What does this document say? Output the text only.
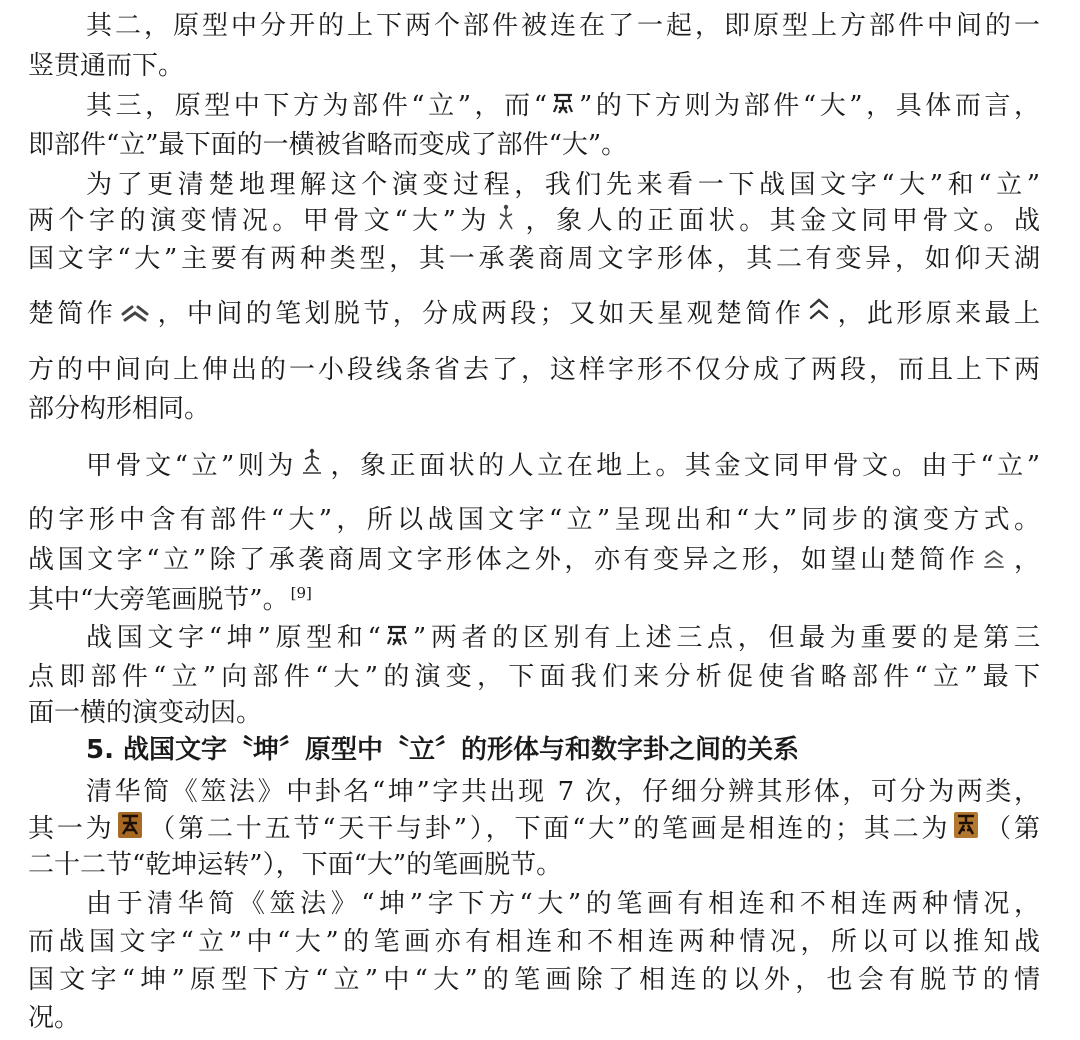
其二，原型中分开的上下两个部件被连在了一起，即原型上方部件中间的一
竖贯通而下。
其三，原型中下方为部件“立”，而“ ”的下方则为部件“大”，具体而言，
即部件“立”最下面的一横被省略而变成了部件“大”。
为了更清楚地理解这个演变过程，我们先来看一下战国文字“大”和“立”
两个字的演变情况。甲骨文“大”为 ，象人的正面状。其金文同甲骨文。战
国文字“大”主要有两种类型，其一承袭商周文字形体，其二有变异，如仰天湖
楚简作 ，中间的笔划脱节，分成两段；又如天星观楚简作 ，此形原来最上
方的中间向上伸出的一小段线条省去了，这样字形不仅分成了两段，而且上下两
部分构形相同。
甲骨文“立”则为 ，象正面状的人立在地上。其金文同甲骨文。由于“立”
的字形中含有部件“大”，所以战国文字“立”呈现出和“大”同步的演变方式。
战国文字“立”除了承袭商周文字形体之外，亦有变异之形，如望山楚简作 ，
其中“大旁笔画脱节”。 [9]
战国文字“坤”原型和“ ”两者的区别有上述三点，但最为重要的是第三
点即部件“立”向部件“大”的演变，下面我们来分析促使省略部件“立”最下
面一横的演变动因。
5. 战国文字〝坤〞原型中〝立〞的形体与和数字卦之间的关系
清华简《筮法》中卦名“坤”字共出现 7 次，仔细分辨其形体，可分为两类，
其一为 （第二十五节“天干与卦”），下面“大”的笔画是相连的；其二为 （第
二十二节“乾坤运转”），下面“大”的笔画脱节。
由于清华简《筮法》“坤”字下方“大”的笔画有相连和不相连两种情况，
而战国文字“立”中“大”的笔画亦有相连和不相连两种情况，所以可以推知战
国文字“坤”原型下方“立”中“大”的笔画除了相连的以外，也会有脱节的情
况。
